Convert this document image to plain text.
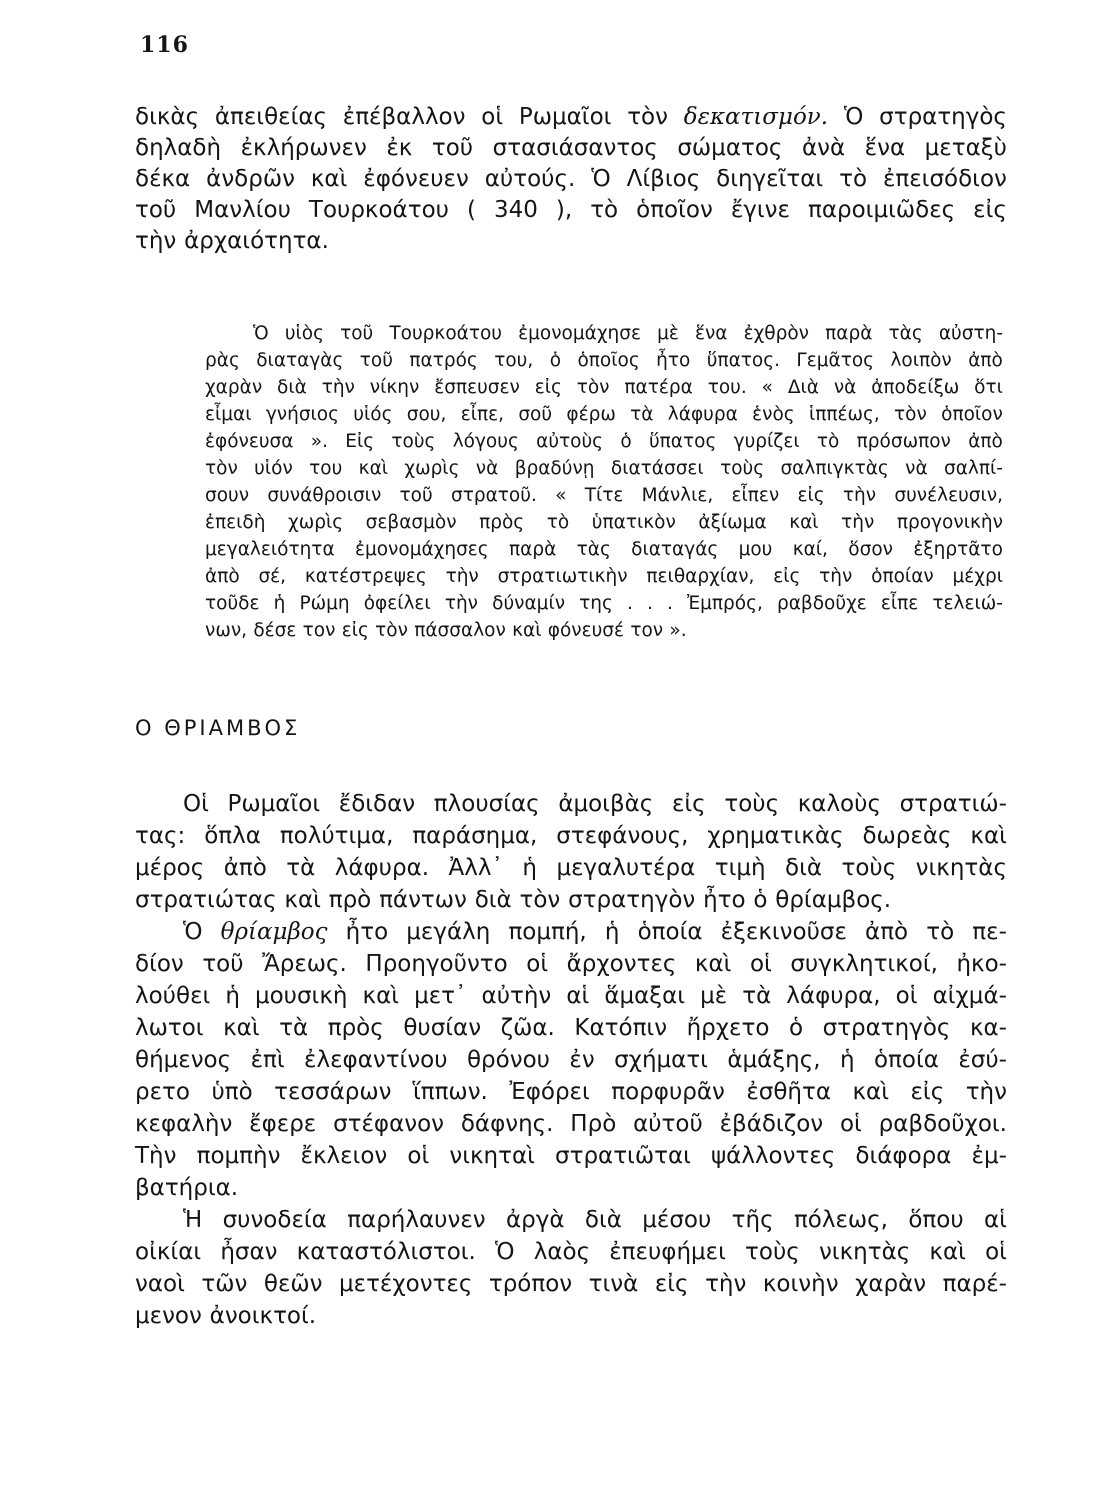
116
δικὰς ἀπειθείας ἐπέβαλλον οἱ Ρωμαῖοι τὸν δεκατισμόν. Ὁ στρατηγὸς
δηλαδὴ ἐκλήρωνεν ἐκ τοῦ στασιάσαντος σώματος ἀνὰ ἕνα μεταξὺ
δέκα ἀνδρῶν καὶ ἐφόνευεν αὐτούς. Ὁ Λίβιος διηγεῖται τὸ ἐπεισόδιον
τοῦ Μανλίου Τουρκοάτου ( 340 ), τὸ ὁποῖον ἔγινε παροιμιῶδες εἰς
τὴν ἀρχαιότητα.
Ὁ υἱὸς τοῦ Τουρκοάτου ἐμονομάχησε μὲ ἕνα ἐχθρὸν παρὰ τὰς αὐστη-
ρὰς διαταγὰς τοῦ πατρός του, ὁ ὁποῖος ἦτο ὕπατος. Γεμᾶτος λοιπὸν ἀπὸ
χαρὰν διὰ τὴν νίκην ἔσπευσεν εἰς τὸν πατέρα του. « Διὰ νὰ ἀποδείξω ὅτι
εἶμαι γνήσιος υἱός σου, εἶπε, σοῦ φέρω τὰ λάφυρα ἑνὸς ἱππέως, τὸν ὁποῖον
ἐφόνευσα ». Εἰς τοὺς λόγους αὐτοὺς ὁ ὕπατος γυρίζει τὸ πρόσωπον ἀπὸ
τὸν υἱόν του καὶ χωρὶς νὰ βραδύνῃ διατάσσει τοὺς σαλπιγκτὰς νὰ σαλπί-
σουν συνάθροισιν τοῦ στρατοῦ. « Τίτε Μάνλιε, εἶπεν εἰς τὴν συνέλευσιν,
ἐπειδὴ χωρὶς σεβασμὸν πρὸς τὸ ὑπατικὸν ἀξίωμα καὶ τὴν προγονικὴν
μεγαλειότητα ἐμονομάχησες παρὰ τὰς διαταγάς μου καί, ὅσον ἐξηρτᾶτο
ἀπὸ σέ, κατέστρεψες τὴν στρατιωτικὴν πειθαρχίαν, εἰς τὴν ὁποίαν μέχρι
τοῦδε ἡ Ρώμη ὀφείλει τὴν δύναμίν της . . . Ἐμπρός, ραβδοῦχε εἶπε τελειώ-
νων, δέσε τον εἰς τὸν πάσσαλον καὶ φόνευσέ τον ».
Ο ΘΡΙΑΜΒΟΣ
Οἱ Ρωμαῖοι ἔδιδαν πλουσίας ἀμοιβὰς εἰς τοὺς καλοὺς στρατιώ-
τας: ὅπλα πολύτιμα, παράσημα, στεφάνους, χρηματικὰς δωρεὰς καὶ
μέρος ἀπὸ τὰ λάφυρα. Ἀλλ᾽ ἡ μεγαλυτέρα τιμὴ διὰ τοὺς νικητὰς
στρατιώτας καὶ πρὸ πάντων διὰ τὸν στρατηγὸν ἦτο ὁ θρίαμβος.
Ὁ θρίαμβος ἦτο μεγάλη πομπή, ἡ ὁποία ἐξεκινοῦσε ἀπὸ τὸ πε-
δίον τοῦ Ἄρεως. Προηγοῦντο οἱ ἄρχοντες καὶ οἱ συγκλητικοί, ἠκο-
λούθει ἡ μουσικὴ καὶ μετ᾽ αὐτὴν αἱ ἅμαξαι μὲ τὰ λάφυρα, οἱ αἰχμά-
λωτοι καὶ τὰ πρὸς θυσίαν ζῶα. Κατόπιν ἤρχετο ὁ στρατηγὸς κα-
θήμενος ἐπὶ ἐλεφαντίνου θρόνου ἐν σχήματι ἁμάξης, ἡ ὁποία ἐσύ-
ρετο ὑπὸ τεσσάρων ἵππων. Ἐφόρει πορφυρᾶν ἐσθῆτα καὶ εἰς τὴν
κεφαλὴν ἔφερε στέφανον δάφνης. Πρὸ αὐτοῦ ἐβάδιζον οἱ ραβδοῦχοι.
Τὴν πομπὴν ἔκλειον οἱ νικηταὶ στρατιῶται ψάλλοντες διάφορα ἐμ-
βατήρια.
Ἡ συνοδεία παρήλαυνεν ἀργὰ διὰ μέσου τῆς πόλεως, ὅπου αἱ
οἰκίαι ἦσαν καταστόλιστοι. Ὁ λαὸς ἐπευφήμει τοὺς νικητὰς καὶ οἱ
ναοὶ τῶν θεῶν μετέχοντες τρόπον τινὰ εἰς τὴν κοινὴν χαρὰν παρέ-
μενον ἀνοικτοί.
